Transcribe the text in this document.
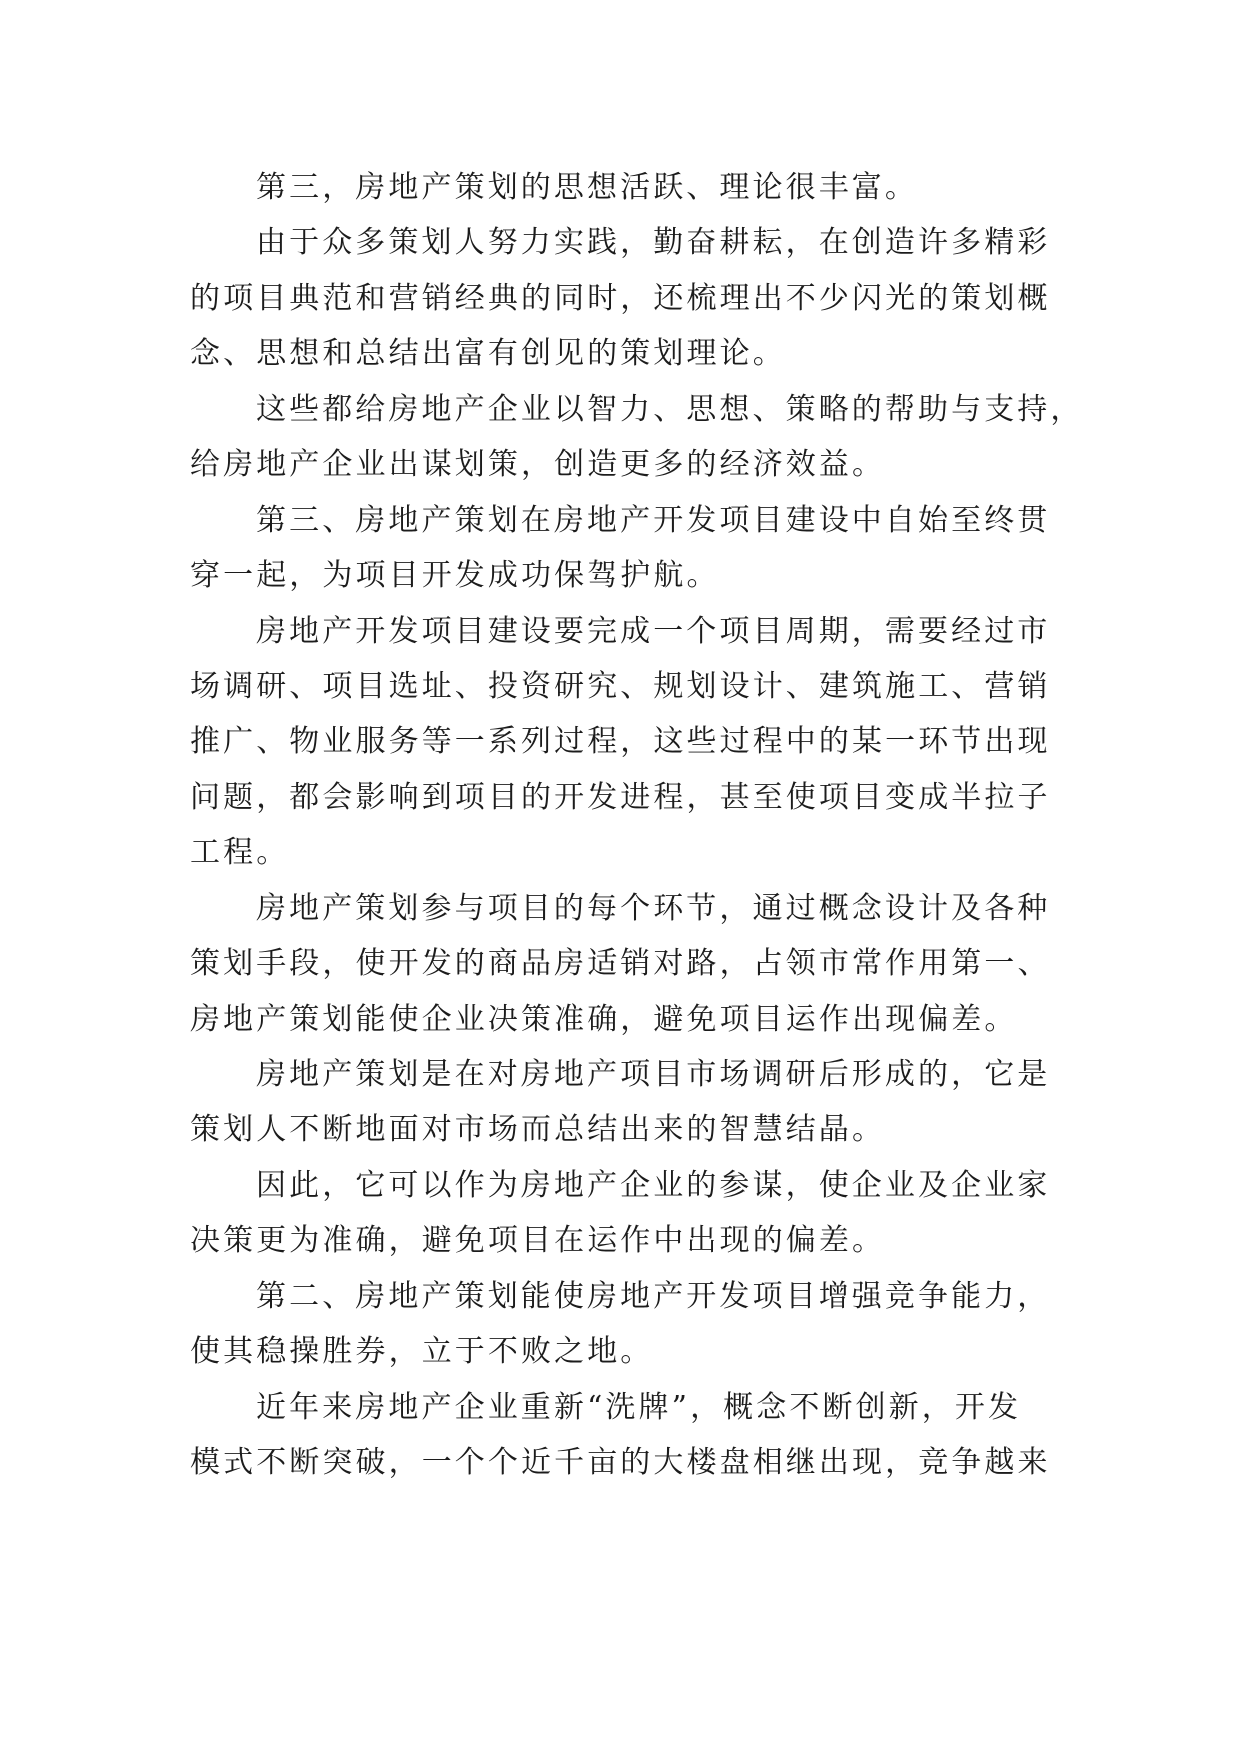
第三，房地产策划的思想活跃、理论很丰富。
由于众多策划人努力实践，勤奋耕耘，在创造许多精彩
的项目典范和营销经典的同时，还梳理出不少闪光的策划概
念、思想和总结出富有创见的策划理论。
这些都给房地产企业以智力、思想、策略的帮助与支持，
给房地产企业出谋划策，创造更多的经济效益。
第三、房地产策划在房地产开发项目建设中自始至终贯
穿一起，为项目开发成功保驾护航。
房地产开发项目建设要完成一个项目周期，需要经过市
场调研、项目选址、投资研究、规划设计、建筑施工、营销
推广、物业服务等一系列过程，这些过程中的某一环节出现
问题，都会影响到项目的开发进程，甚至使项目变成半拉子
工程。
房地产策划参与项目的每个环节，通过概念设计及各种
策划手段，使开发的商品房适销对路，占领市常作用第一、
房地产策划能使企业决策准确，避免项目运作出现偏差。
房地产策划是在对房地产项目市场调研后形成的，它是
策划人不断地面对市场而总结出来的智慧结晶。
因此，它可以作为房地产企业的参谋，使企业及企业家
决策更为准确，避免项目在运作中出现的偏差。
第二、房地产策划能使房地产开发项目增强竞争能力，
使其稳操胜券，立于不败之地。
近年来房地产企业重新“洗牌”，概念不断创新，开发
模式不断突破，一个个近千亩的大楼盘相继出现，竞争越来
